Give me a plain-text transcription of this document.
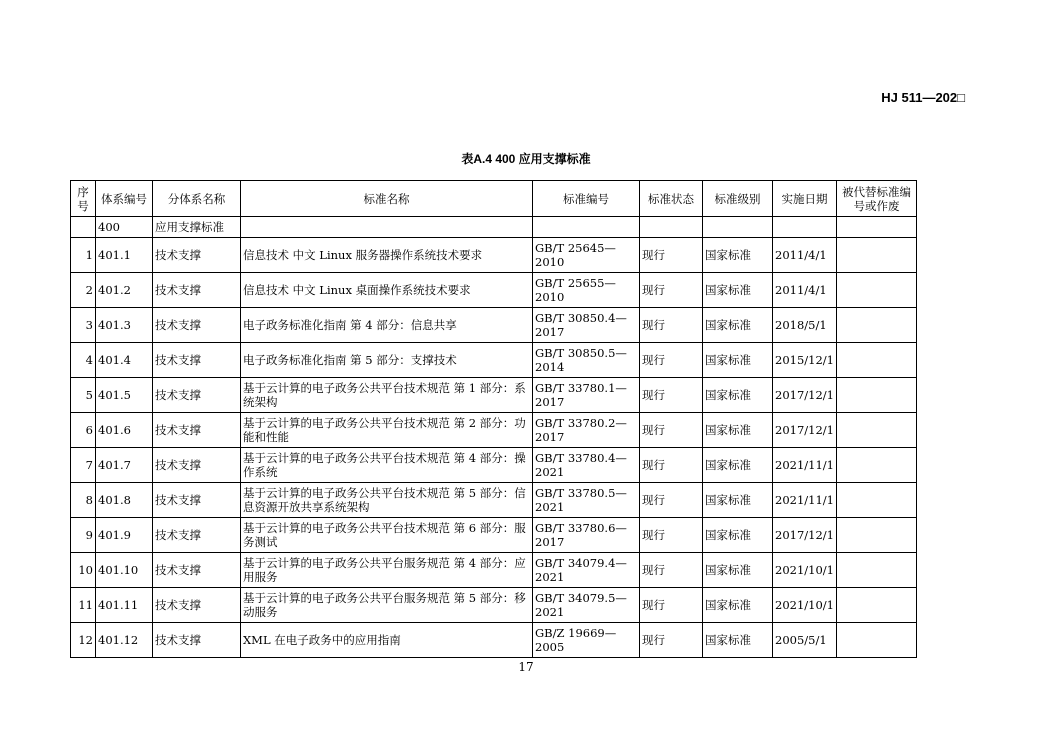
HJ 511—202□
表A.4 400 应用支撑标准
序号	体系编号	分体系名称	标准名称	标准编号	标准状态	标准级别	实施日期	被代替标准编号或作废
	400	应用支撑标准						
1	401.1	技术支撑	信息技术 中文 Linux 服务器操作系统技术要求	GB/T 25645—2010	现行	国家标准	2011/4/1	
2	401.2	技术支撑	信息技术 中文 Linux 桌面操作系统技术要求	GB/T 25655—2010	现行	国家标准	2011/4/1	
3	401.3	技术支撑	电子政务标准化指南 第 4 部分：信息共享	GB/T 30850.4—2017	现行	国家标准	2018/5/1	
4	401.4	技术支撑	电子政务标准化指南 第 5 部分：支撑技术	GB/T 30850.5—2014	现行	国家标准	2015/12/1	
5	401.5	技术支撑	基于云计算的电子政务公共平台技术规范 第 1 部分：系统架构	GB/T 33780.1—2017	现行	国家标准	2017/12/1	
6	401.6	技术支撑	基于云计算的电子政务公共平台技术规范 第 2 部分：功能和性能	GB/T 33780.2—2017	现行	国家标准	2017/12/1	
7	401.7	技术支撑	基于云计算的电子政务公共平台技术规范 第 4 部分：操作系统	GB/T 33780.4—2021	现行	国家标准	2021/11/1	
8	401.8	技术支撑	基于云计算的电子政务公共平台技术规范 第 5 部分：信息资源开放共享系统架构	GB/T 33780.5—2021	现行	国家标准	2021/11/1	
9	401.9	技术支撑	基于云计算的电子政务公共平台技术规范 第 6 部分：服务测试	GB/T 33780.6—2017	现行	国家标准	2017/12/1	
10	401.10	技术支撑	基于云计算的电子政务公共平台服务规范 第 4 部分：应用服务	GB/T 34079.4—2021	现行	国家标准	2021/10/1	
11	401.11	技术支撑	基于云计算的电子政务公共平台服务规范 第 5 部分：移动服务	GB/T 34079.5—2021	现行	国家标准	2021/10/1	
12	401.12	技术支撑	XML 在电子政务中的应用指南	GB/Z 19669—2005	现行	国家标准	2005/5/1	
17
